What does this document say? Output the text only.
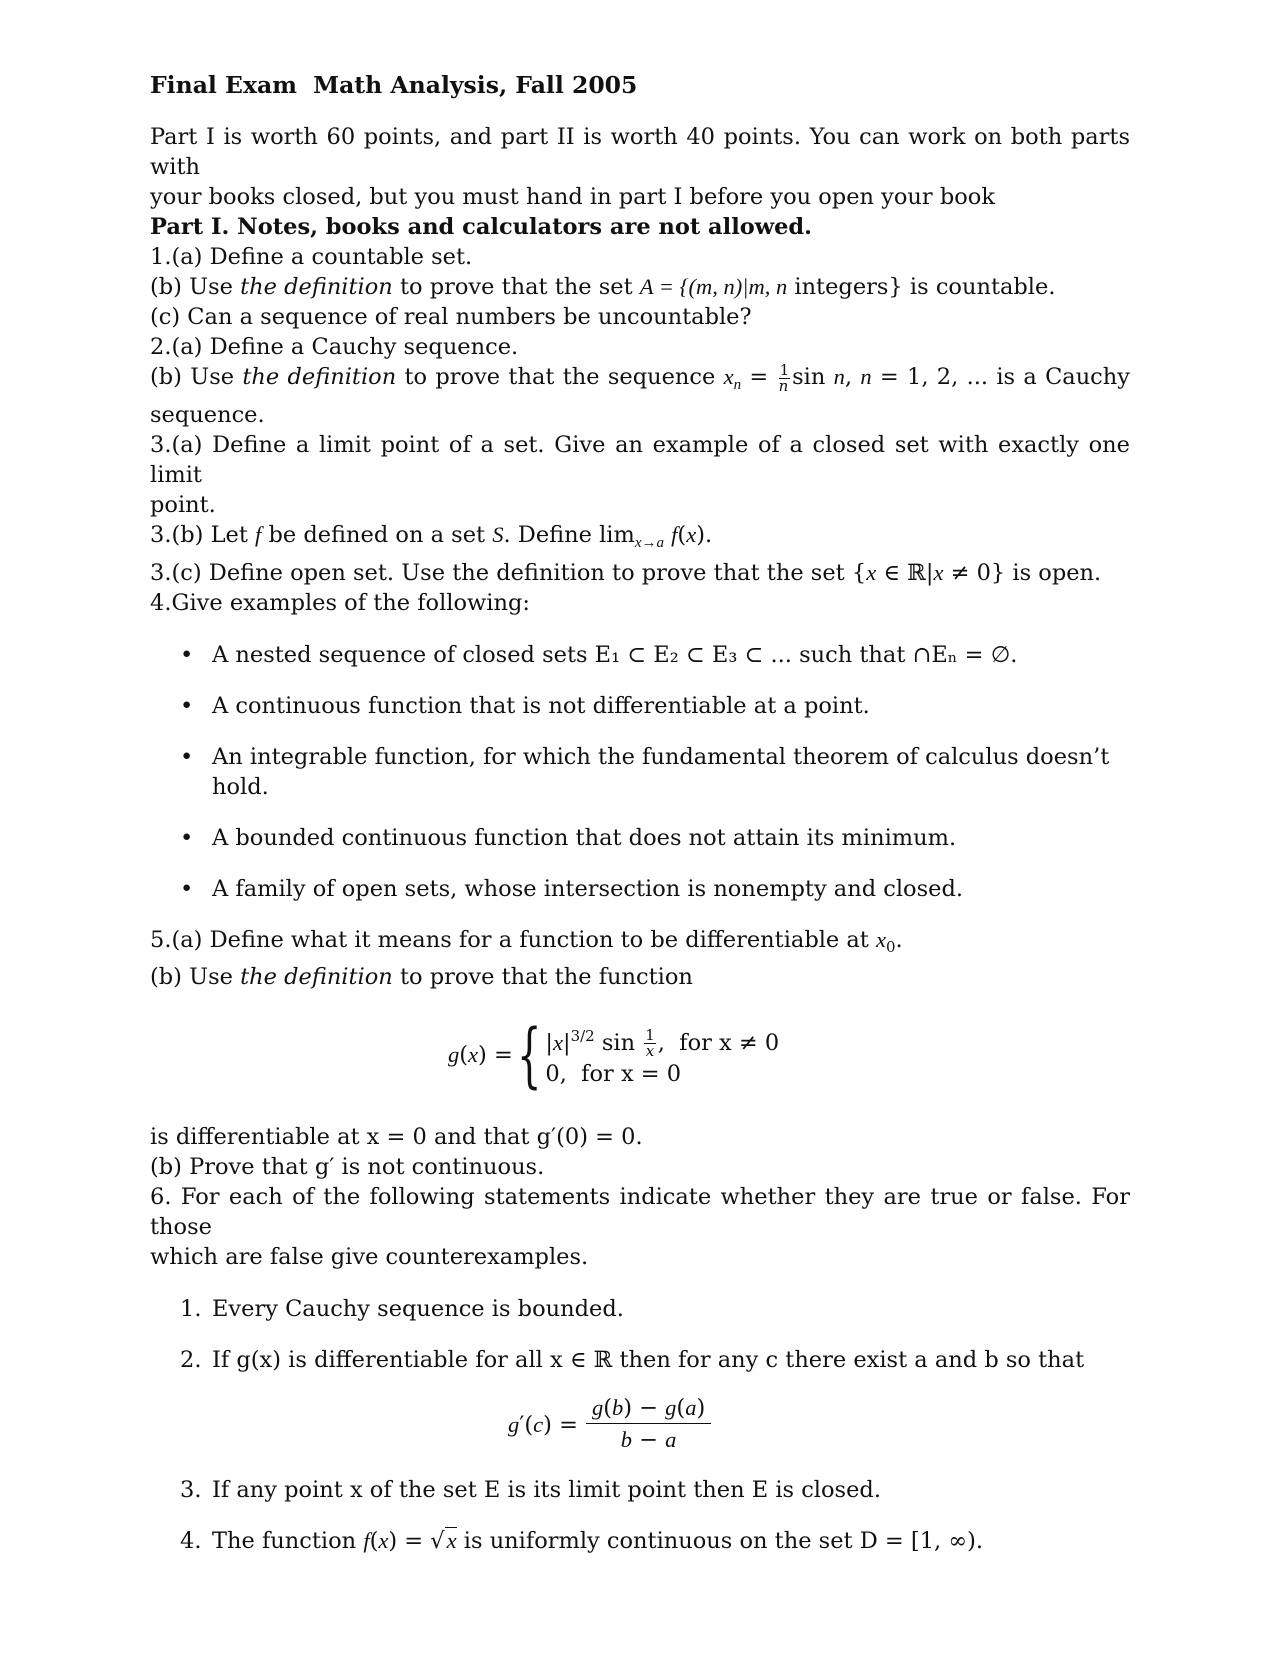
Final Exam Math Analysis, Fall 2005

Part I is worth 60 points, and part II is worth 40 points. You can work on both parts with

your books closed, but you must hand in part I before you open your book

Part I. Notes, books and calculators are not allowed.

1.(a) Define a countable set.

(b) Use the definition to prove that the set A = {(m, n)|m, n integers} is countable.

(c) Can a sequence of real numbers be uncountable?

2.(a) Define a Cauchy sequence.

(b) Use the definition to prove that the sequence $x_n = \frac{1}{n}$ sin n, n = 1, 2, ... is a Cauchy

sequence.

3.(a) Define a limit point of a set. Give an example of a closed set with exactly one limit

point.

3.(b) Let f be defined on a set S. Define $\lim_{x\to a} f(x)$.

3.(c) Define open set. Use the definition to prove that the set {x ∈ ℝ|x ≠ 0} is open.

4.Give examples of the following:

• A nested sequence of closed sets E₁ ⊂ E₂ ⊂ E₃ ⊂ ... such that ∩Eₙ = ∅.
• A continuous function that is not differentiable at a point.
• An integrable function, for which the fundamental theorem of calculus doesn’t hold.
• A bounded continuous function that does not attain its minimum.
• A family of open sets, whose intersection is nonempty and closed.

5.(a) Define what it means for a function to be differentiable at $x_0$.

(b) Use the definition to prove that the function

g ( x ) = { $|x|^{3/2}$ $\sin \frac{1}{x}$ ,  for x ≠ 0
0, for x = 0

is differentiable at x = 0 and that g′(0) = 0.

(b) Prove that g′ is not continuous.

6. For each of the following statements indicate whether they are true or false. For those

which are false give counterexamples.

1. Every Cauchy sequence is bounded.
2. If g(x) is differentiable for all x ∈ ℝ then for any c there exist a and b so that
g ′( c ) =
g(b) − g(a)
b − a
3. If any point x of the set E is its limit point then E is closed.
4. The function f(x) = √x is uniformly continuous on the set D = [1, ∞).
